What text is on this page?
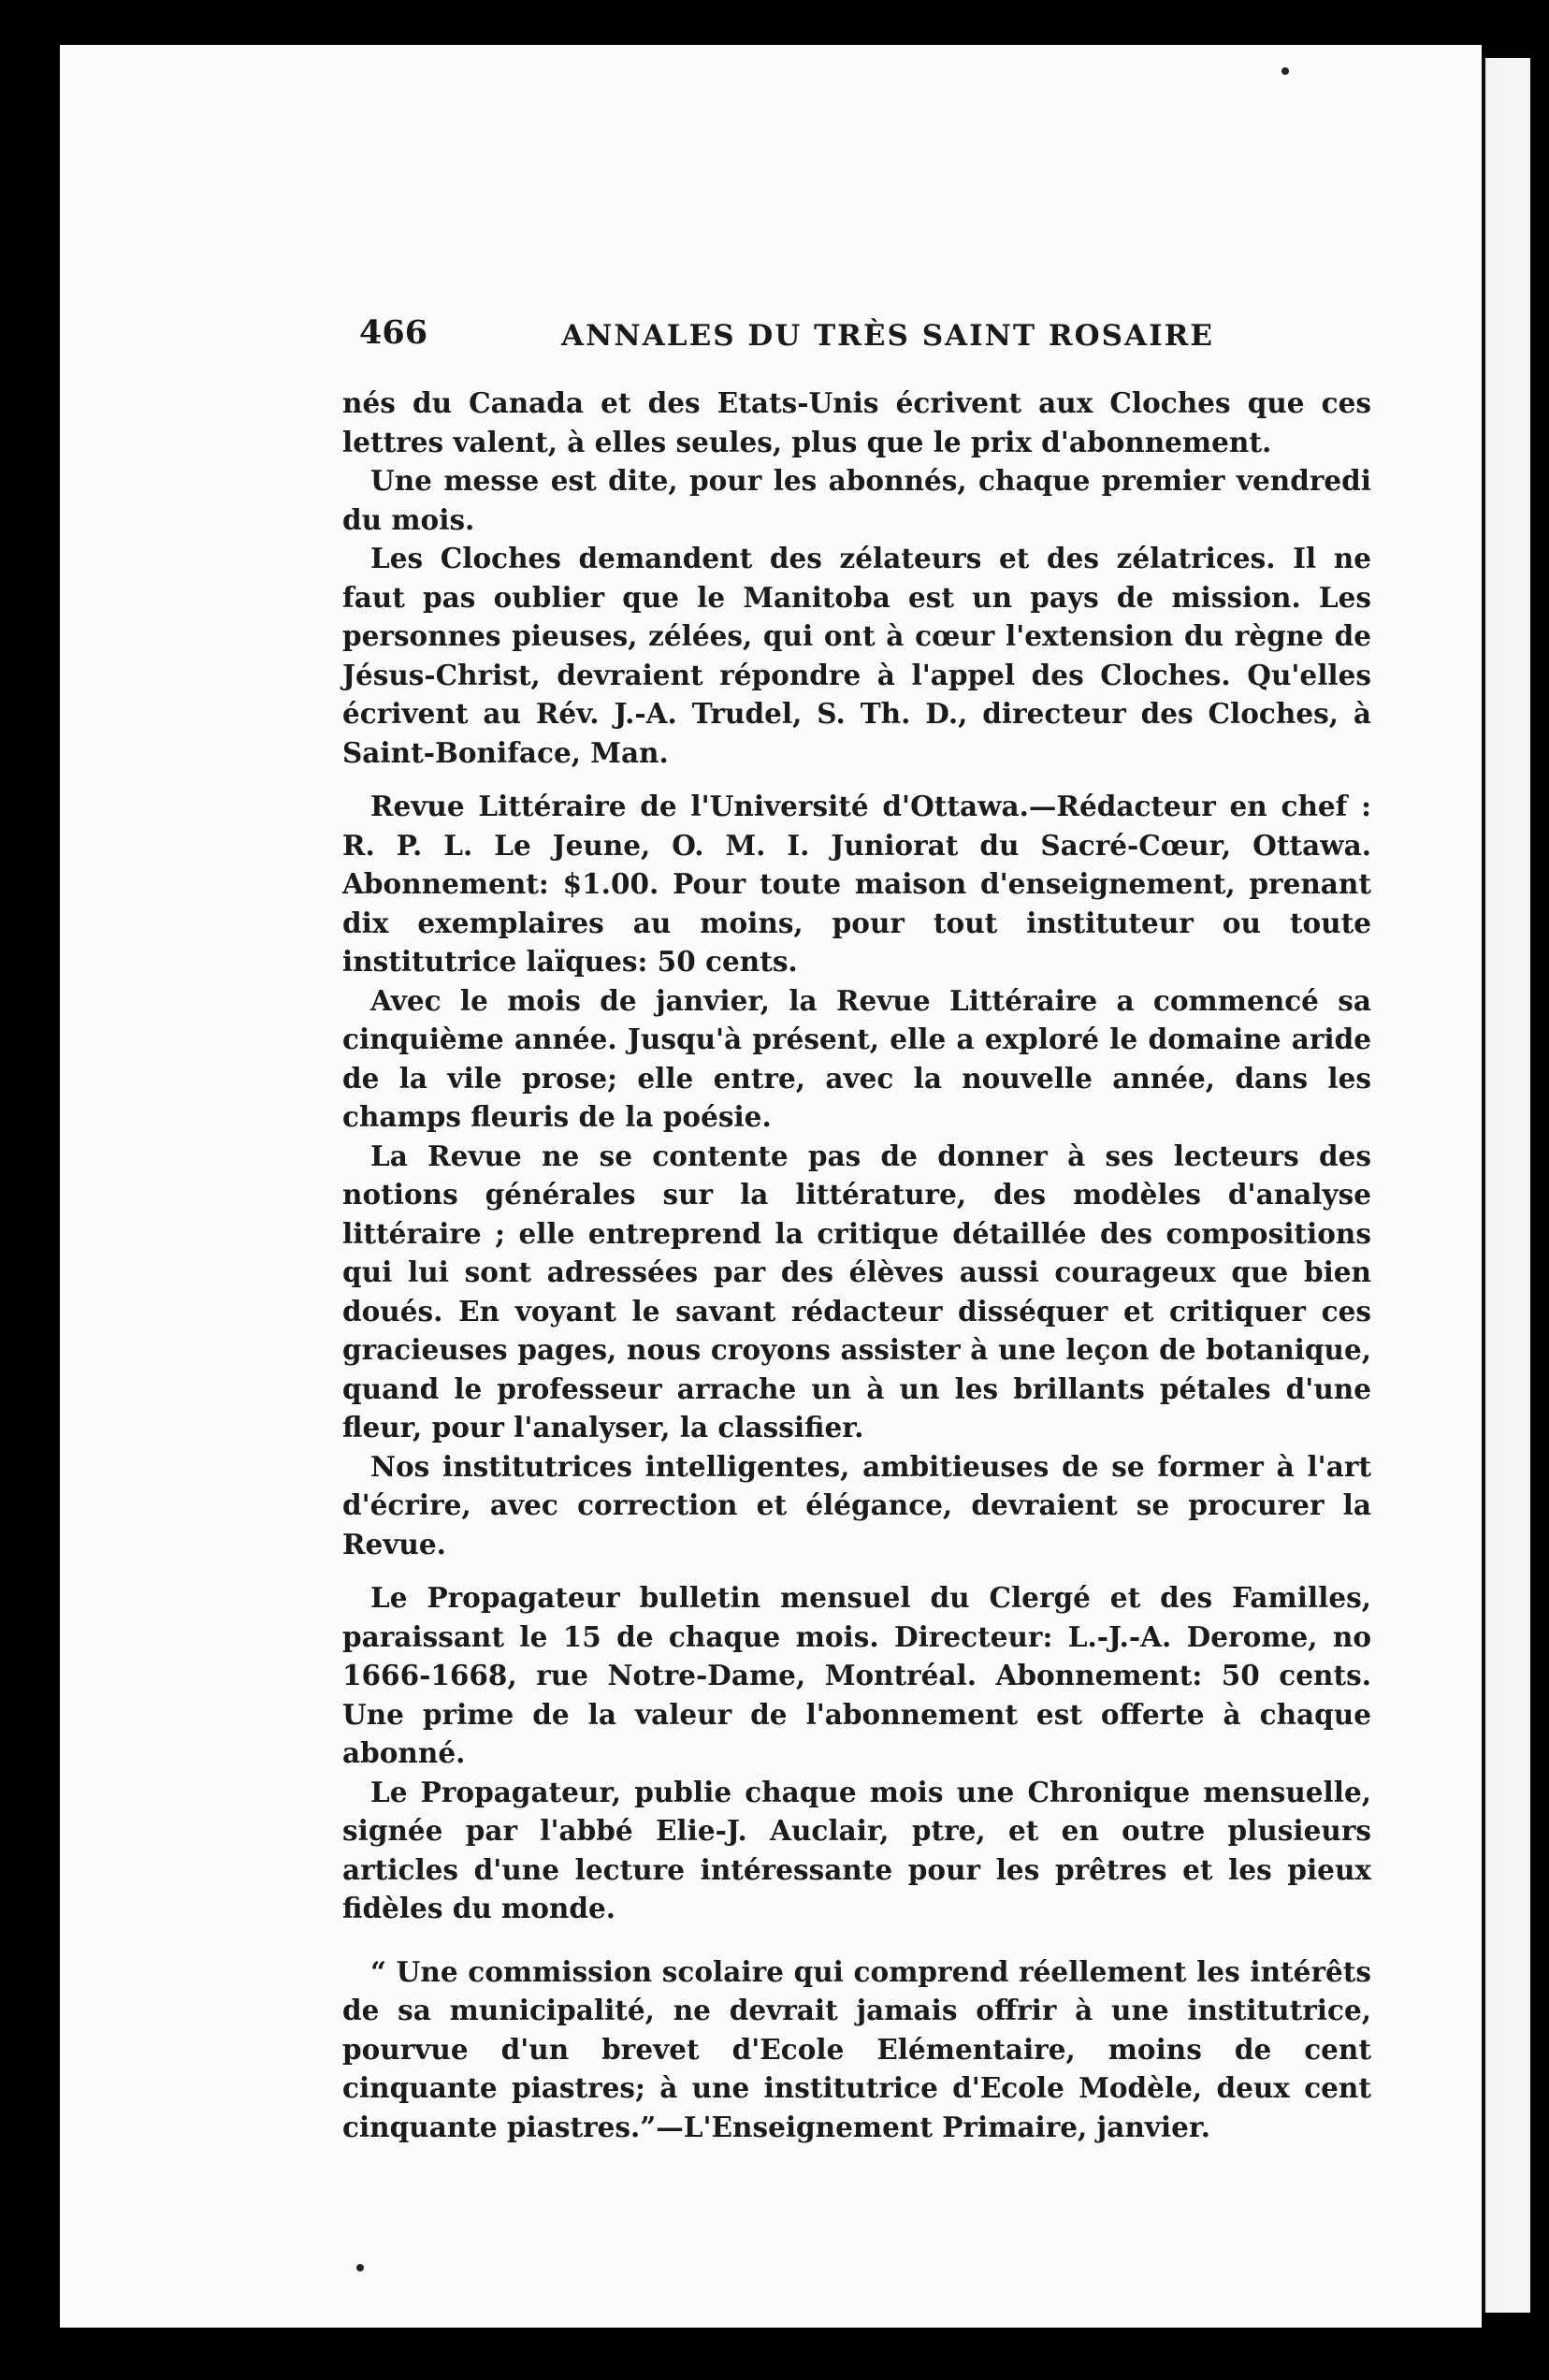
466	ANNALES DU TRÈS SAINT ROSAIRE

nés du Canada et des Etats-Unis écrivent aux Cloches que ces lettres valent, à elles seules, plus que le prix d'abonnement.

Une messe est dite, pour les abonnés, chaque premier vendredi du mois.

Les Cloches demandent des zélateurs et des zélatrices. Il ne faut pas oublier que le Manitoba est un pays de mission. Les personnes pieuses, zélées, qui ont à cœur l'extension du règne de Jésus-Christ, devraient répondre à l'appel des Cloches. Qu'elles écrivent au Rév. J.-A. Trudel, S. Th. D., directeur des Cloches, à Saint-Boniface, Man.

Revue Littéraire de l'Université d'Ottawa.—Rédacteur en chef : R. P. L. Le Jeune, O. M. I. Juniorat du Sacré-Cœur, Ottawa. Abonnement: $1.00. Pour toute maison d'enseignement, prenant dix exemplaires au moins, pour tout instituteur ou toute institutrice laïques: 50 cents.

Avec le mois de janvier, la Revue Littéraire a commencé sa cinquième année. Jusqu'à présent, elle a exploré le domaine aride de la vile prose; elle entre, avec la nouvelle année, dans les champs fleuris de la poésie.

La Revue ne se contente pas de donner à ses lecteurs des notions générales sur la littérature, des modèles d'analyse littéraire ; elle entreprend la critique détaillée des compositions qui lui sont adressées par des élèves aussi courageux que bien doués. En voyant le savant rédacteur disséquer et critiquer ces gracieuses pages, nous croyons assister à une leçon de botanique, quand le professeur arrache un à un les brillants pétales d'une fleur, pour l'analyser, la classifier.

Nos institutrices intelligentes, ambitieuses de se former à l'art d'écrire, avec correction et élégance, devraient se procurer la Revue.

Le Propagateur bulletin mensuel du Clergé et des Familles, paraissant le 15 de chaque mois. Directeur: L.-J.-A. Derome, no 1666-1668, rue Notre-Dame, Montréal. Abonnement: 50 cents. Une prime de la valeur de l'abonnement est offerte à chaque abonné.

Le Propagateur, publie chaque mois une Chronique mensuelle, signée par l'abbé Elie-J. Auclair, ptre, et en outre plusieurs articles d'une lecture intéressante pour les prêtres et les pieux fidèles du monde.

“ Une commission scolaire qui comprend réellement les intérêts de sa municipalité, ne devrait jamais offrir à une institutrice, pourvue d'un brevet d'Ecole Elémentaire, moins de cent cinquante piastres; à une institutrice d'Ecole Modèle, deux cent cinquante piastres.”—L'Enseignement Primaire, janvier.
